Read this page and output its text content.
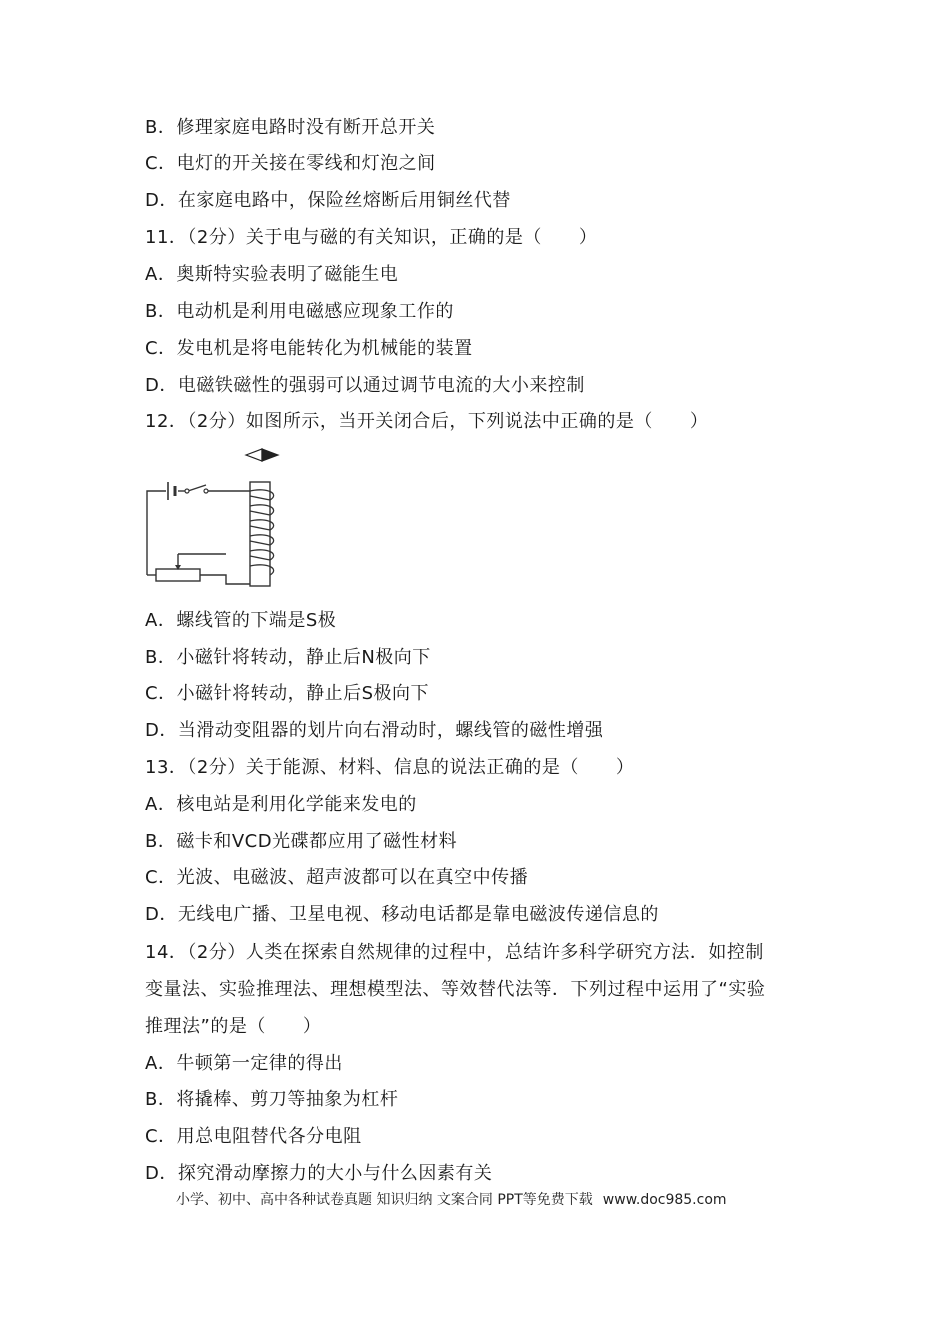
B．修理家庭电路时没有断开总开关
C．电灯的开关接在零线和灯泡之间
D．在家庭电路中，保险丝熔断后用铜丝代替
11．（2分）关于电与磁的有关知识，正确的是（　　）
A．奥斯特实验表明了磁能生电
B．电动机是利用电磁感应现象工作的
C．发电机是将电能转化为机械能的装置
D．电磁铁磁性的强弱可以通过调节电流的大小来控制
12．（2分）如图所示，当开关闭合后，下列说法中正确的是（　　）
A．螺线管的下端是S极
B．小磁针将转动，静止后N极向下
C．小磁针将转动，静止后S极向下
D．当滑动变阻器的划片向右滑动时，螺线管的磁性增强
13．（2分）关于能源、材料、信息的说法正确的是（　　）
A．核电站是利用化学能来发电的
B．磁卡和VCD光碟都应用了磁性材料
C．光波、电磁波、超声波都可以在真空中传播
D．无线电广播、卫星电视、移动电话都是靠电磁波传递信息的
14．（2分）人类在探索自然规律的过程中，总结许多科学研究方法．如控制
变量法、实验推理法、理想模型法、等效替代法等．下列过程中运用了“实验
推理法”的是（　　）
A．牛顿第一定律的得出
B．将撬棒、剪刀等抽象为杠杆
C．用总电阻替代各分电阻
D．探究滑动摩擦力的大小与什么因素有关
小学、初中、高中各种试卷真题 知识归纳 文案合同 PPT等免费下载 www.doc985.com
